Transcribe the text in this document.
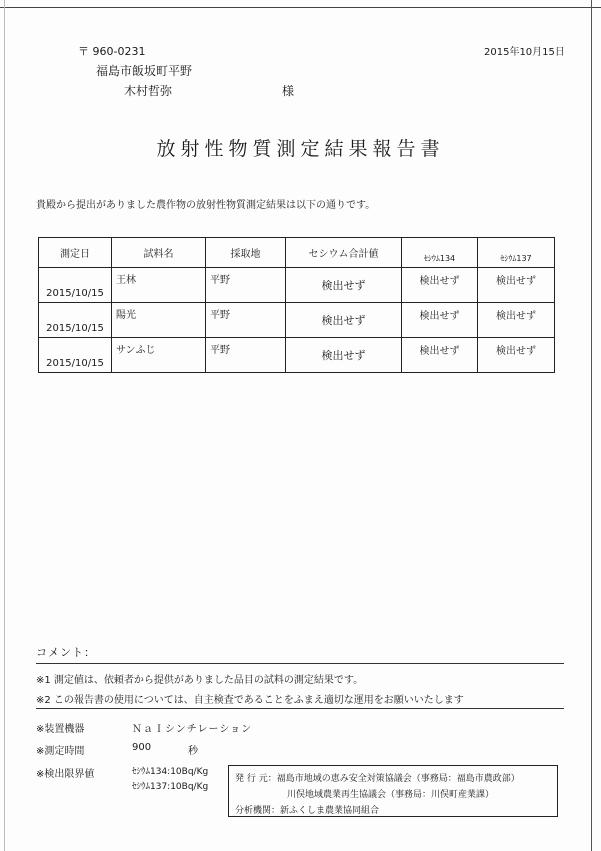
〒 960-0231	2015年10月15日
福島市飯坂町平野
木村哲弥	様
放射性物質測定結果報告書
貴殿から提出がありました農作物の放射性物質測定結果は以下の通りです。
測定日	試料名	採取地	セシウム合計値	ｾｼｳﾑ134	ｾｼｳﾑ137
2015/10/15	王林	平野	検出せず	検出せず	検出せず
2015/10/15	陽光	平野	検出せず	検出せず	検出せず
2015/10/15	サンふじ	平野	検出せず	検出せず	検出せず
コメント：
※1 測定値は、依頼者から提供がありました品目の試料の測定結果です。
※2 この報告書の使用については、自主検査であることをふまえ適切な運用をお願いいたします
※装置機器	ＮａＩシンチレーション
※測定時間	900	秒
※検出限界値	ｾｼｳﾑ134:10Bq/Kg
ｾｼｳﾑ137:10Bq/Kg
発 行 元：福島市地域の恵み安全対策協議会（事務局：福島市農政部）
川俣地域農業再生協議会（事務局：川俣町産業課）
分析機関：新ふくしま農業協同組合
